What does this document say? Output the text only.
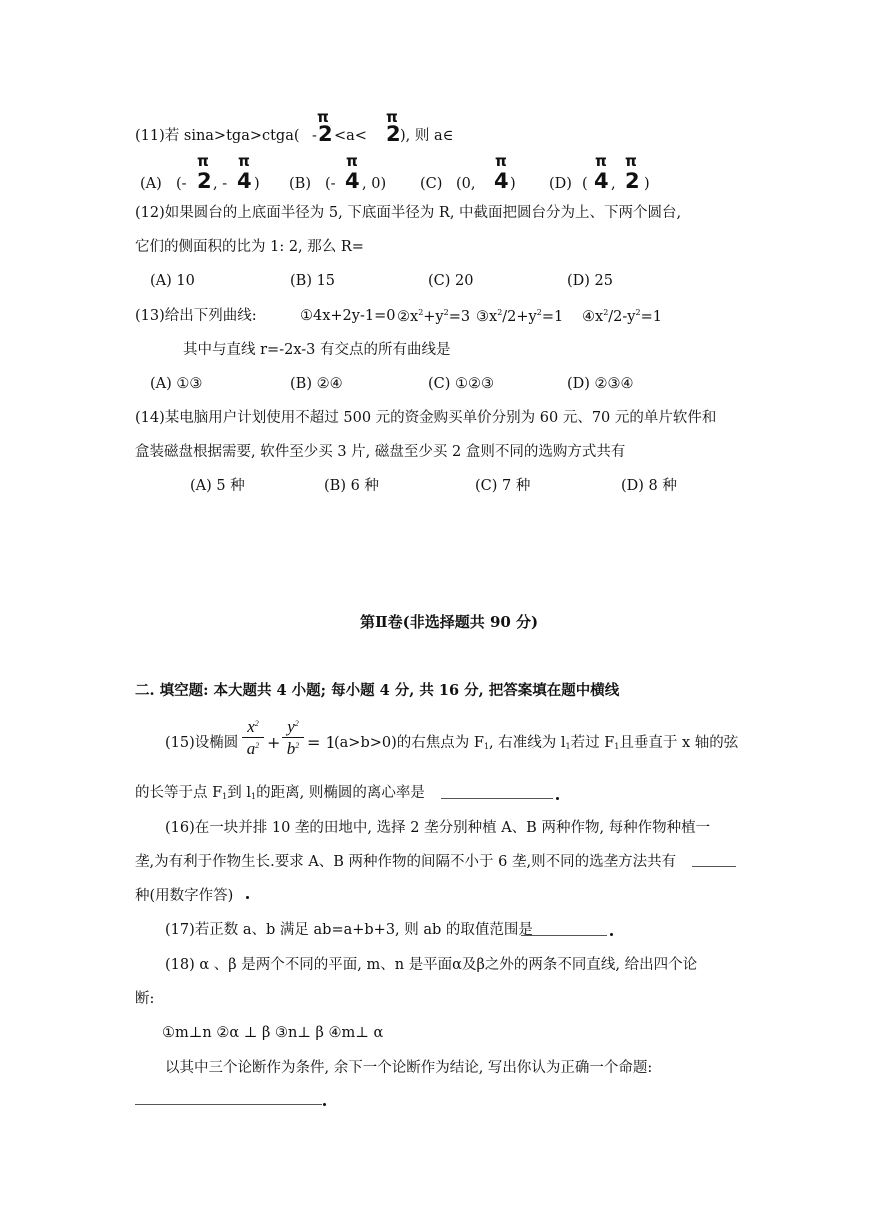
(11)若 sina>tga>ctga(
π
- 2 <a<
π
2 ), 则 a∈
(A) (-
π
2 , -
π
4 ) (B) (-
π
4 , 0) (C) (0,
π
4 ) (D) (
π
4 ,
π
2 )
(12)如果圆台的上底面半径为 5, 下底面半径为 R, 中截面把圆台分为上、下两个圆台,
它们的侧面积的比为 1: 2, 那么 R=
(A) 10	(B) 15	(C) 20	(D) 25
(13)给出下列曲线:	①4x+2y-1=0 $②x^2+y^2=3$ $③x^2/2+y^2=1$ $④x^2/2-y^2=1$
其中与直线 r=-2x-3 有交点的所有曲线是
(A) ①③	(B) ②④	(C) ①②③	(D) ②③④
(14)某电脑用户计划使用不超过 500 元的资金购买单价分别为 60 元、70 元的单片软件和
盒装磁盘根据需要, 软件至少买 3 片, 磁盘至少买 2 盒则不同的选购方式共有
(A) 5 种	(B) 6 种	(C) 7 种	(D) 8 种
第Ⅱ卷(非选择题共 90 分)
二. 填空题: 本大题共 4 小题; 每小题 4 分, 共 16 分, 把答案填在题中横线
(15)设椭圆
$x^2$
$a^2$ +
$y^2$
$b^2 = 1$
(a>b>0)的右焦点为 $F_1$, 右准线为 $l_1$若过 $F_1$且垂直于 x 轴的弦
的长等于点 $F_1$到 $l_1$的距离, 则椭圆的离心率是
(16)在一块并排 10 垄的田地中, 选择 2 垄分别种植 A、B 两种作物, 每种作物种植一
垄,为有利于作物生长.要求 A、B 两种作物的间隔不小于 6 垄,则不同的选垄方法共有
种(用数字作答)
(17)若正数 a、b 满足 ab=a+b+3, 则 ab 的取值范围是
(18) α 、β 是两个不同的平面, m、n 是平面α及β之外的两条不同直线, 给出四个论
断:
①m⊥n ②α ⊥ β ③n⊥ β ④m⊥ α
以其中三个论断作为条件, 余下一个论断作为结论, 写出你认为正确一个命题:
